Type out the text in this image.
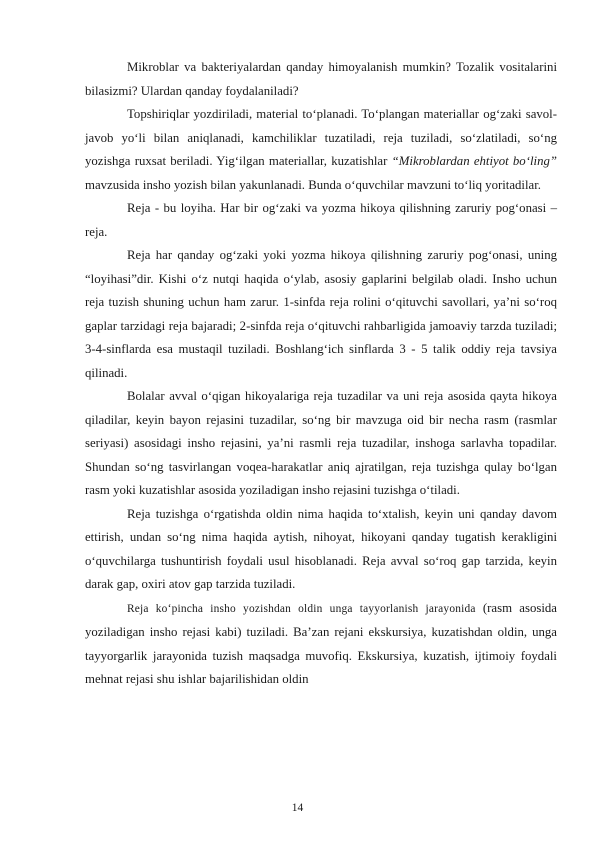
Mikroblar va bakteriyalardan qanday himoyalanish mumkin? Tozalik vositalarini bilasizmi? Ulardan qanday foydalaniladi?

Topshiriqlar yozdiriladi, material toʻplanadi. Toʻplangan materiallar ogʻzaki savol-javob yoʻli bilan aniqlanadi, kamchiliklar tuzatiladi, reja tuziladi, soʻzlatiladi, soʻng yozishga ruxsat beriladi. Yigʻilgan materiallar, kuzatishlar “Mikroblardan ehtiyot boʻling” mavzusida insho yozish bilan yakunlanadi. Bunda oʻquvchilar mavzuni toʻliq yoritadilar.

Reja - bu loyiha. Har bir ogʻzaki va yozma hikoya qilishning zaruriy pogʻonasi – reja.

Reja har qanday ogʻzaki yoki yozma hikoya qilishning zaruriy pogʻonasi, uning “loyihasi”dir. Kishi oʻz nutqi haqida oʻylab, asosiy gaplarini belgilab oladi. Insho uchun reja tuzish shuning uchun ham zarur. 1-sinfda reja rolini oʻqituvchi savollari, ya’ni soʻroq gaplar tarzidagi reja bajaradi; 2-sinfda reja oʻqituvchi rahbarligida jamoaviy tarzda tuziladi; 3-4-sinflarda esa mustaqil tuziladi. Boshlangʻich sinflarda 3 - 5 talik oddiy reja tavsiya qilinadi.

Bolalar avval oʻqigan hikoyalariga reja tuzadilar va uni reja asosida qayta hikoya qiladilar, keyin bayon rejasini tuzadilar, soʻng bir mavzuga oid bir necha rasm (rasmlar seriyasi) asosidagi insho rejasini, ya’ni rasmli reja tuzadilar, inshoga sarlavha topadilar. Shundan soʻng tasvirlangan voqea-harakatlar aniq ajratilgan, reja tuzishga qulay boʻlgan rasm yoki kuzatishlar asosida yoziladigan insho rejasini tuzishga oʻtiladi.

Reja tuzishga oʻrgatishda oldin nima haqida toʻxtalish, keyin uni qanday davom ettirish, undan soʻng nima haqida aytish, nihoyat, hikoyani qanday tugatish kerakligini oʻquvchilarga tushuntirish foydali usul hisoblanadi. Reja avval soʻroq gap tarzida, keyin darak gap, oxiri atov gap tarzida tuziladi.

Reja koʻpincha insho yozishdan oldin unga tayyorlanish jarayonida (rasm asosida yoziladigan insho rejasi kabi) tuziladi. Ba’zan rejani ekskursiya, kuzatishdan oldin, unga tayyorgarlik jarayonida tuzish maqsadga muvofiq. Ekskursiya, kuzatish, ijtimoiy foydali mehnat rejasi shu ishlar bajarilishidan oldin

14
